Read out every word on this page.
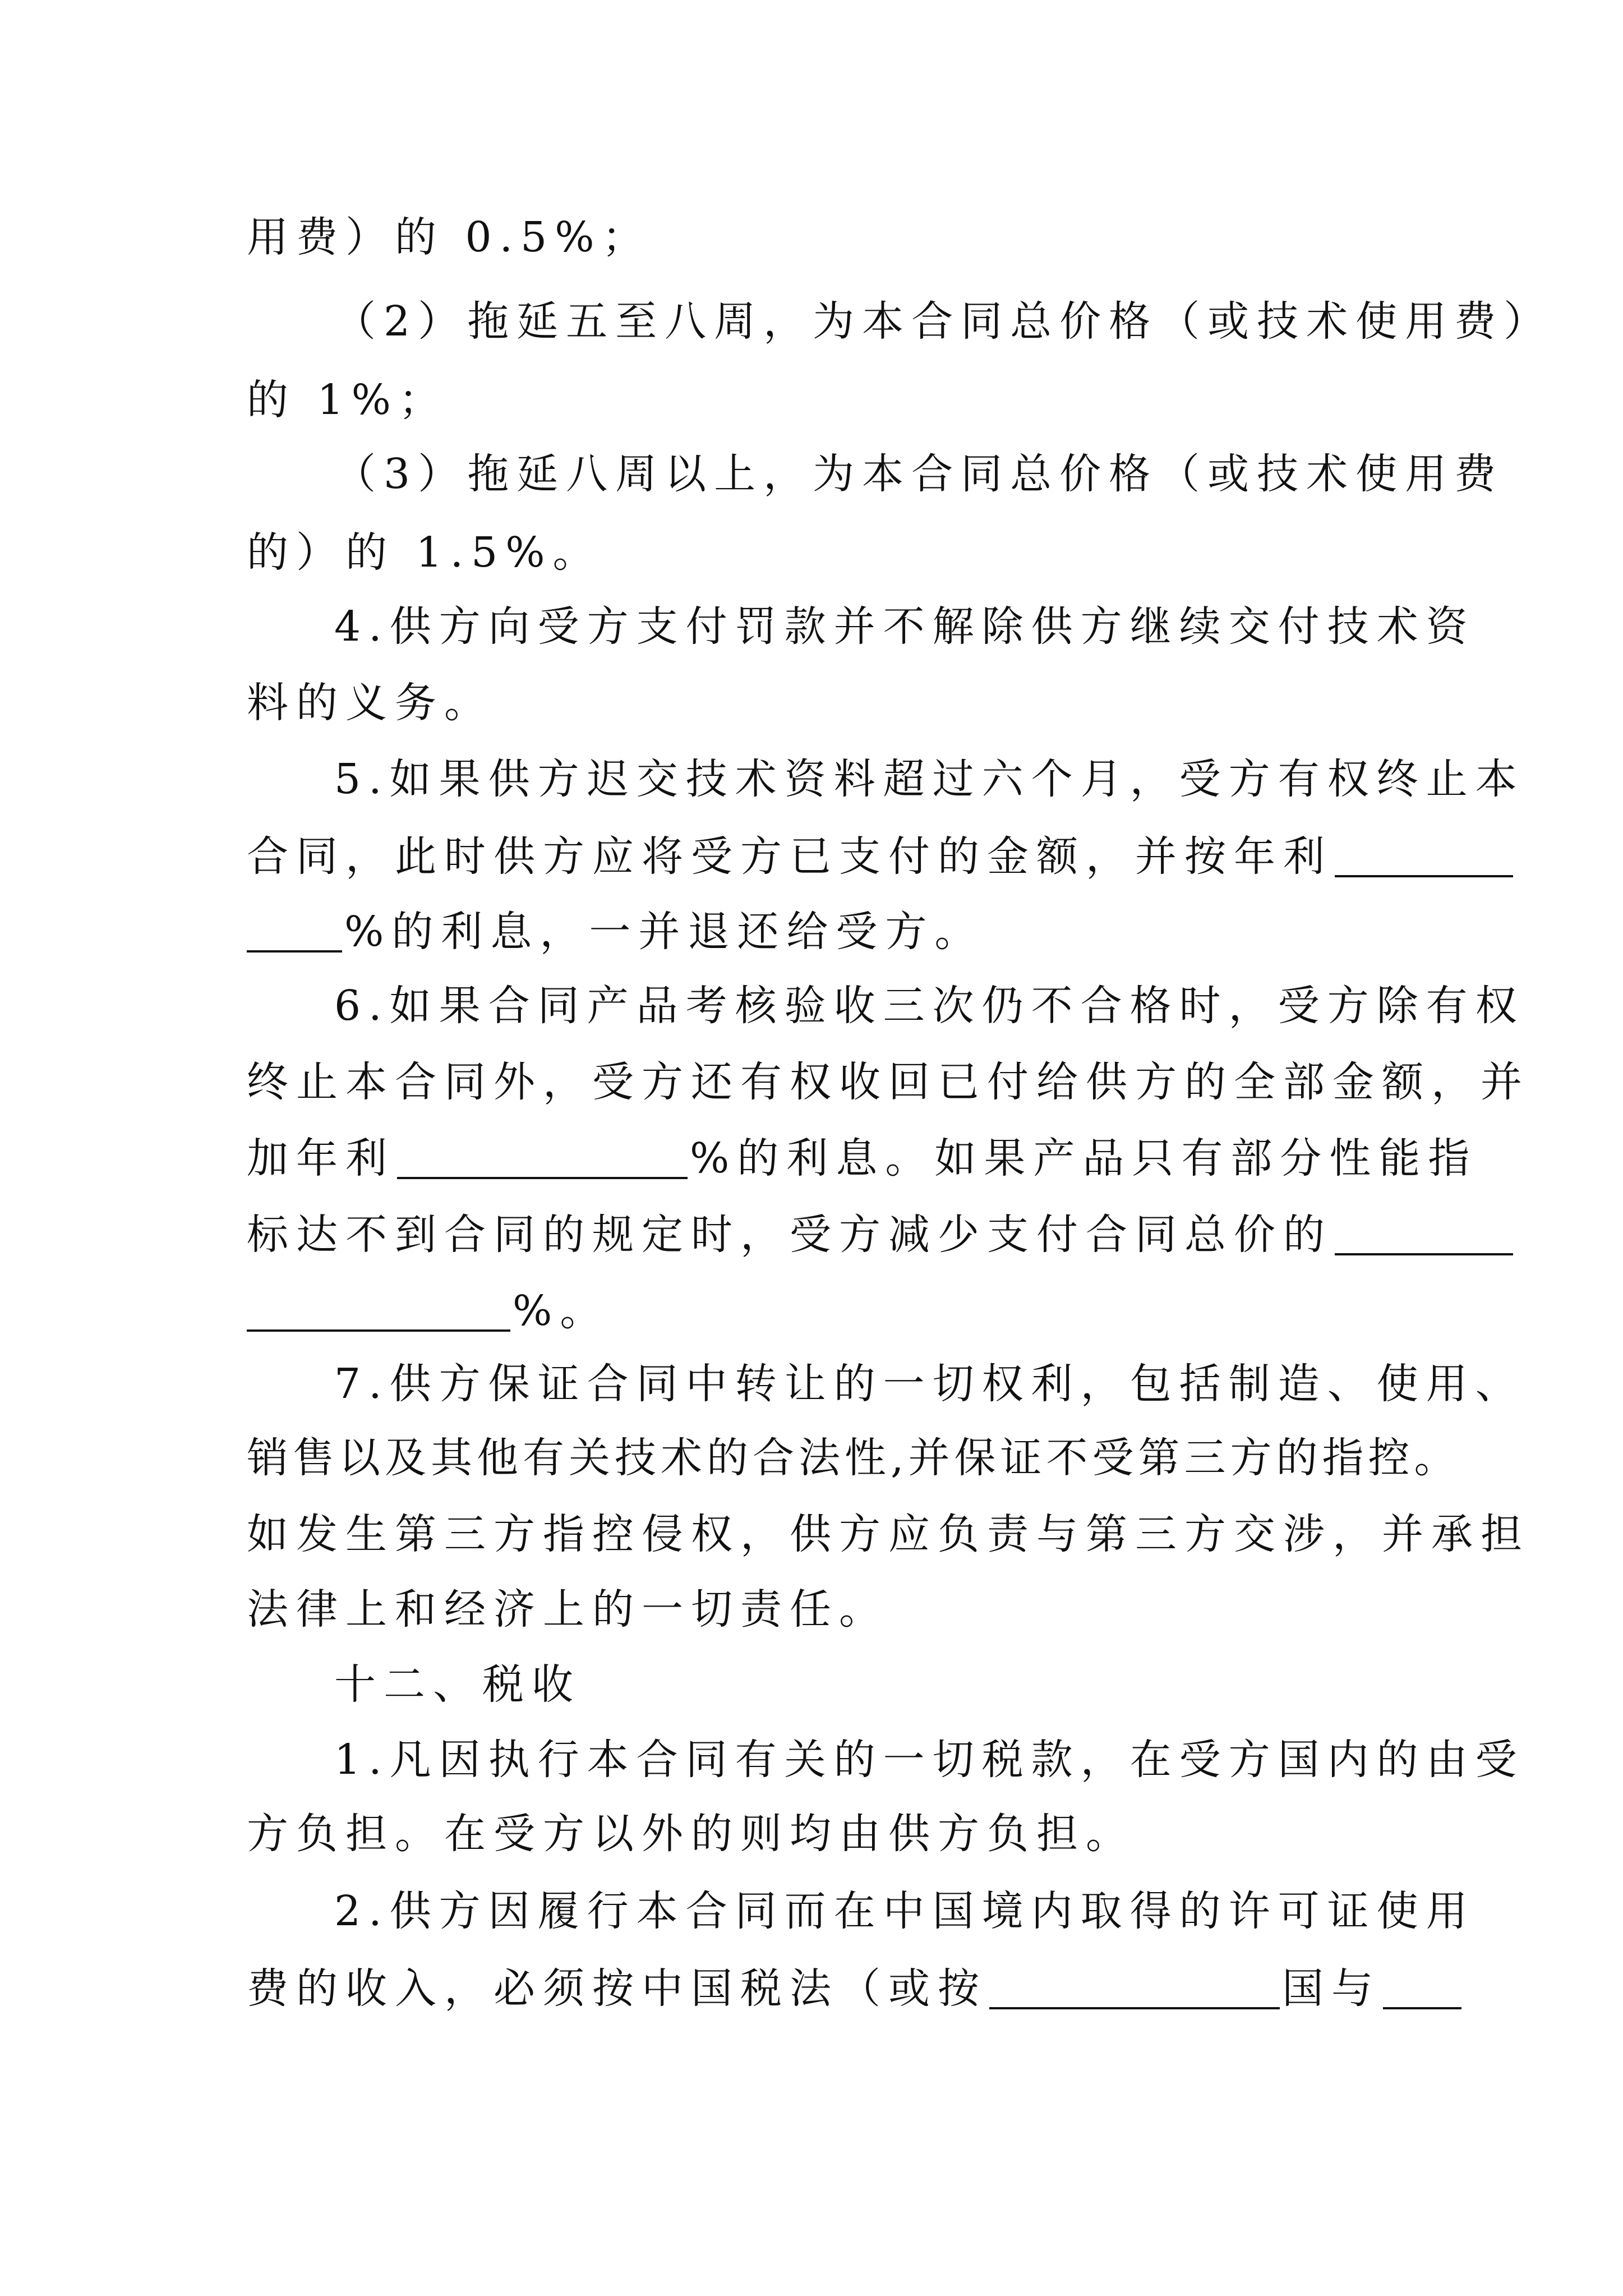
用费）的 0.5%；
（2）拖延五至八周，为本合同总价格（或技术使用费）
的 1%；
（3）拖延八周以上，为本合同总价格（或技术使用费
的）的 1.5%。
4.供方向受方支付罚款并不解除供方继续交付技术资
料的义务。
5.如果供方迟交技术资料超过六个月，受方有权终止本
合同，此时供方应将受方已支付的金额，并按年利
%的利息，一并退还给受方。
6.如果合同产品考核验收三次仍不合格时，受方除有权
终止本合同外，受方还有权收回已付给供方的全部金额，并
加年利	%的利息。如果产品只有部分性能指
标达不到合同的规定时，受方减少支付合同总价的
%。
7.供方保证合同中转让的一切权利，包括制造、使用、
销售以及其他有关技术的合法性,并保证不受第三方的指控。
如发生第三方指控侵权，供方应负责与第三方交涉，并承担
法律上和经济上的一切责任。
十二、税收
1.凡因执行本合同有关的一切税款，在受方国内的由受
方负担。在受方以外的则均由供方负担。
2.供方因履行本合同而在中国境内取得的许可证使用
费的收入，必须按中国税法（或按	国与
